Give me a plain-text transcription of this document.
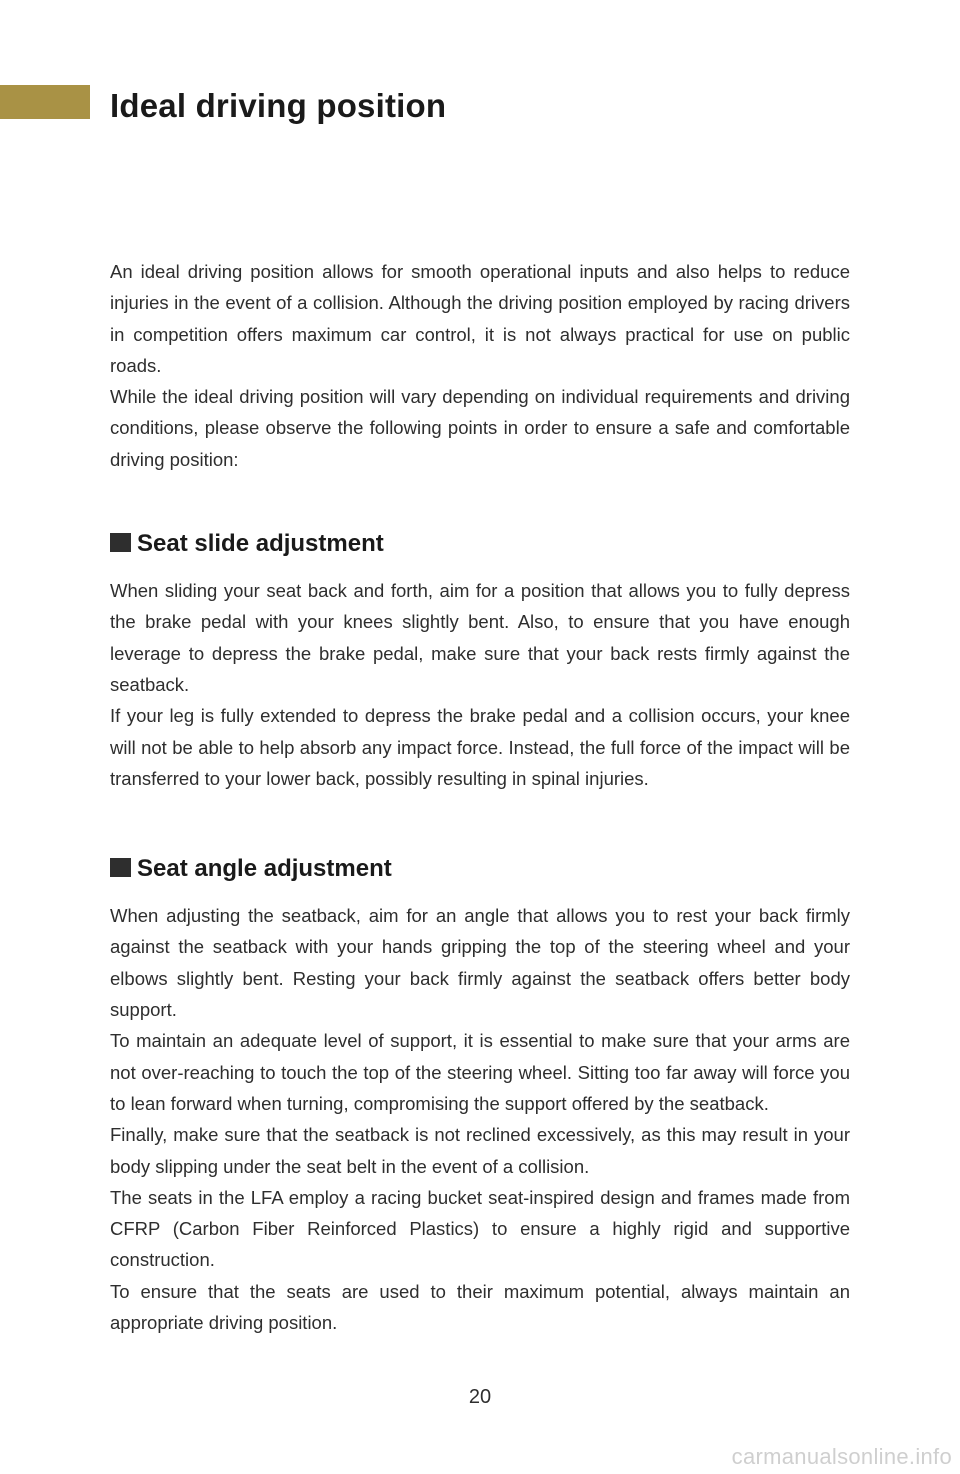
Ideal driving position

An ideal driving position allows for smooth operational inputs and also helps to reduce injuries in the event of a collision. Although the driving position employed by racing drivers in competition offers maximum car control, it is not always practical for use on public roads.

While the ideal driving position will vary depending on individual requirements and driving conditions, please observe the following points in order to ensure a safe and comfortable driving position:

Seat slide adjustment

When sliding your seat back and forth, aim for a position that allows you to fully depress the brake pedal with your knees slightly bent. Also, to ensure that you have enough leverage to depress the brake pedal, make sure that your back rests firmly against the seatback.

If your leg is fully extended to depress the brake pedal and a collision occurs, your knee will not be able to help absorb any impact force. Instead, the full force of the impact will be transferred to your lower back, possibly resulting in spinal injuries.

Seat angle adjustment

When adjusting the seatback, aim for an angle that allows you to rest your back firmly against the seatback with your hands gripping the top of the steering wheel and your elbows slightly bent. Resting your back firmly against the seatback offers better body support.

To maintain an adequate level of support, it is essential to make sure that your arms are not over-reaching to touch the top of the steering wheel. Sitting too far away will force you to lean forward when turning, compromising the support offered by the seatback.

Finally, make sure that the seatback is not reclined excessively, as this may result in your body slipping under the seat belt in the event of a collision.

The seats in the LFA employ a racing bucket seat-inspired design and frames made from CFRP (Carbon Fiber Reinforced Plastics) to ensure a highly rigid and supportive construction.

To ensure that the seats are used to their maximum potential, always maintain an appropriate driving position.

20
carmanualsonline.info
